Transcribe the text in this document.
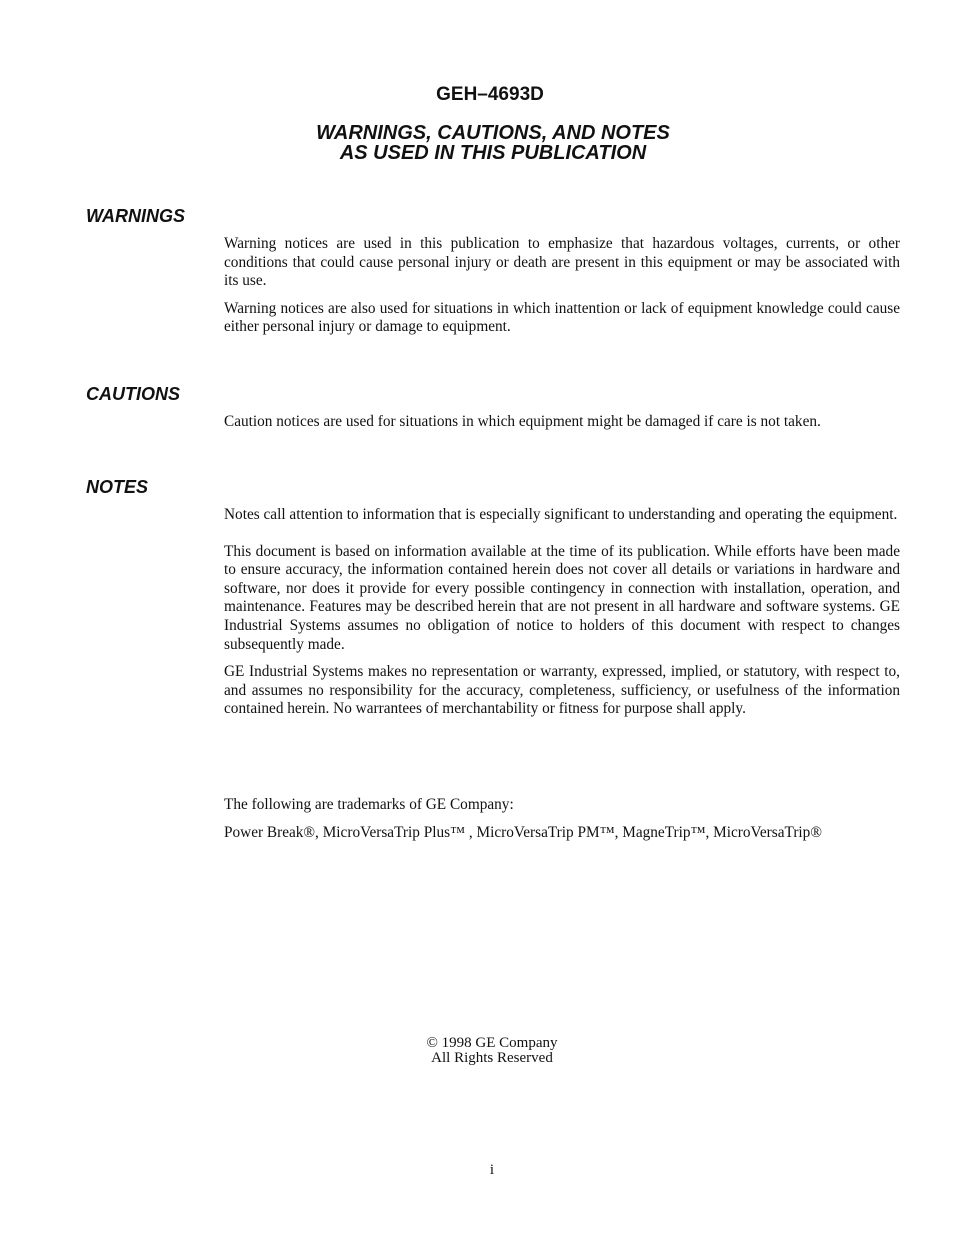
GEH–4693D
WARNINGS, CAUTIONS, AND NOTES
AS USED IN THIS PUBLICATION
WARNINGS

Warning notices are used in this publication to emphasize that hazardous voltages, currents, or other conditions that could cause personal injury or death are present in this equipment or may be associated with its use.

Warning notices are also used for situations in which inattention or lack of equipment knowledge could cause either personal injury or damage to equipment.

CAUTIONS

Caution notices are used for situations in which equipment might be damaged if care is not taken.

NOTES

Notes call attention to information that is especially significant to understanding and operating the equipment.

This document is based on information available at the time of its publication. While efforts have been made to ensure accuracy, the information contained herein does not cover all details or variations in hardware and software, nor does it provide for every possible contingency in connection with installation, operation, and maintenance. Features may be described herein that are not present in all hardware and software systems. GE Industrial Systems assumes no obligation of notice to holders of this document with respect to changes subsequently made.

GE Industrial Systems makes no representation or warranty, expressed, implied, or statutory, with respect to, and assumes no responsibility for the accuracy, completeness, sufficiency, or usefulness of the information contained herein. No warrantees of merchantability or fitness for purpose shall apply.

The following are trademarks of GE Company:

Power Break®, MicroVersaTrip Plus™ , MicroVersaTrip PM™, MagneTrip™, MicroVersaTrip®

© 1998 GE Company
All Rights Reserved
i
